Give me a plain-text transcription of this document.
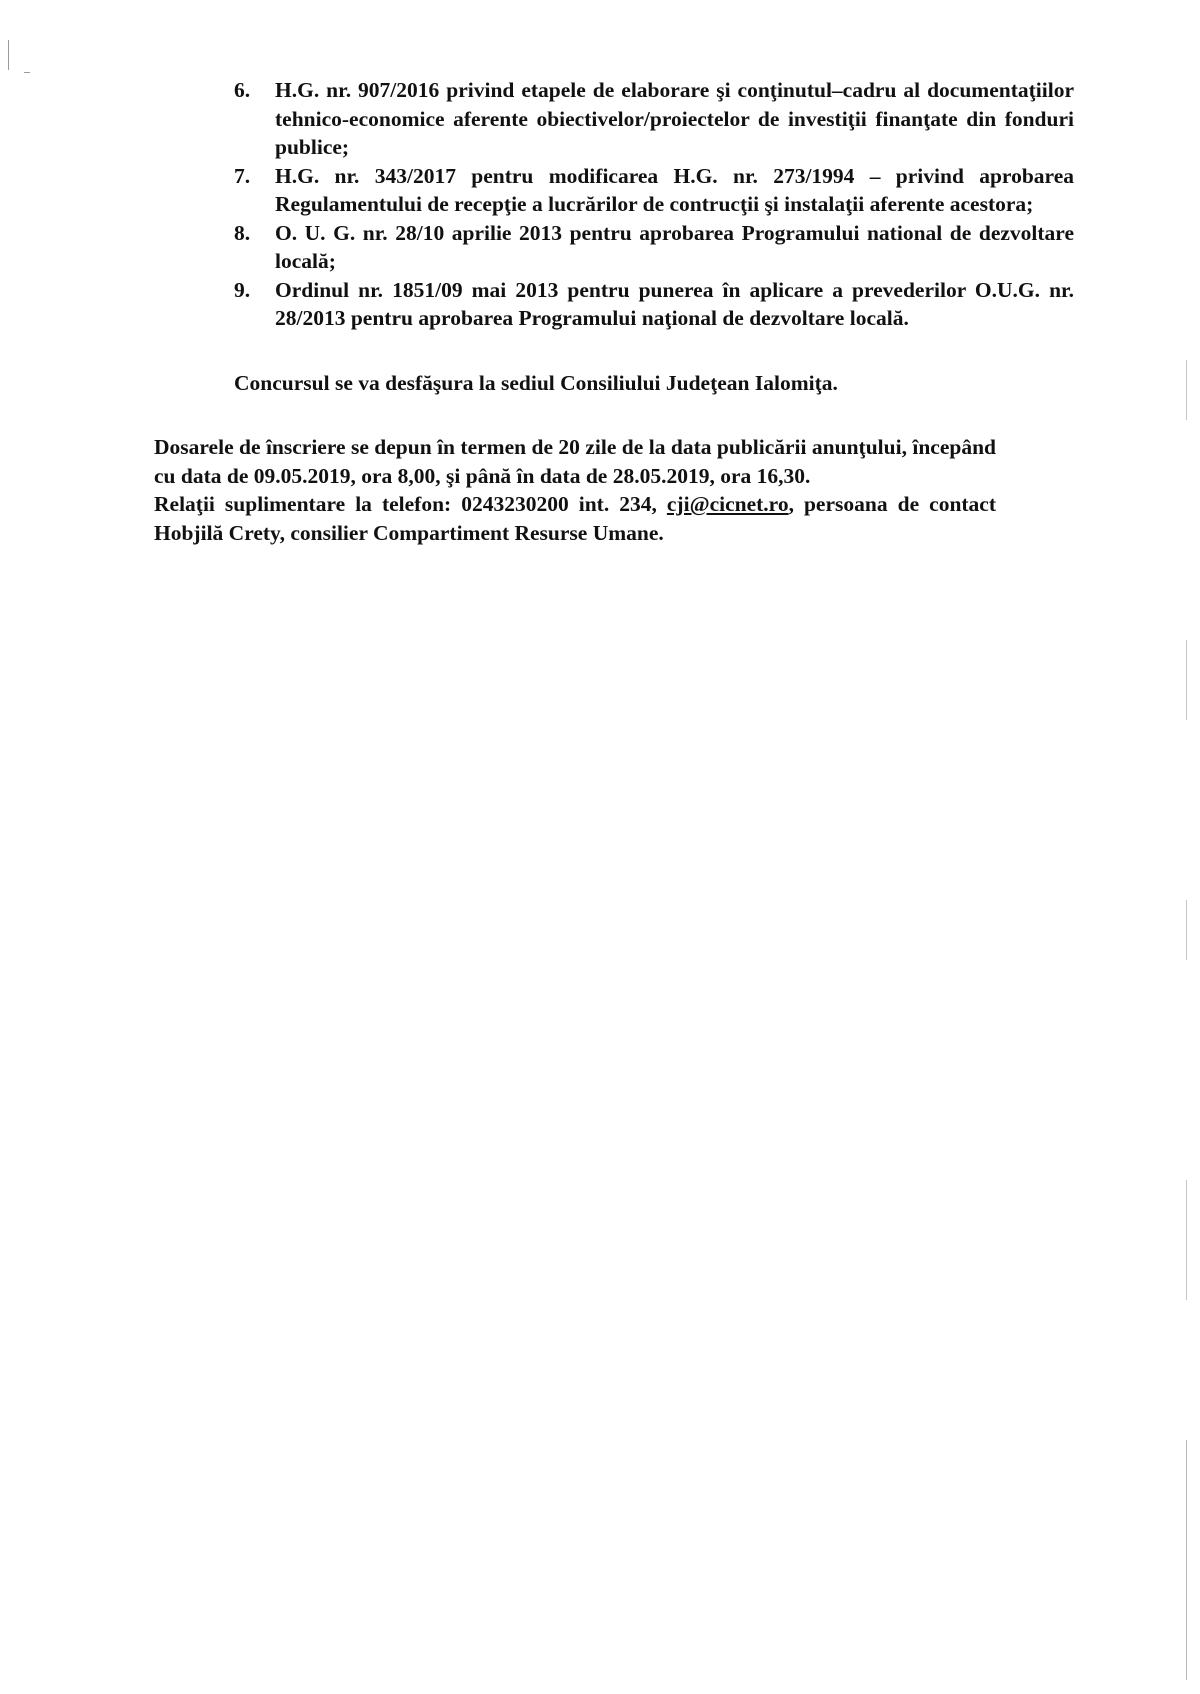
6.	H.G. nr. 907/2016 privind etapele de elaborare şi conţinutul–cadru al documentaţiilor tehnico-economice aferente obiectivelor/proiectelor de investiţii finanţate din fonduri publice;
7.	H.G. nr. 343/2017 pentru modificarea H.G. nr. 273/1994 – privind aprobarea Regulamentului de recepţie a lucrărilor de contrucţii şi instalaţii aferente acestora;
8.	O. U. G. nr. 28/10 aprilie 2013 pentru aprobarea Programului national de dezvoltare locală;
9.	Ordinul nr. 1851/09 mai 2013 pentru punerea în aplicare a prevederilor O.U.G. nr. 28/2013 pentru aprobarea Programului naţional de dezvoltare locală.

Concursul se va desfăşura la sediul Consiliului Judeţean Ialomiţa.

Dosarele de înscriere se depun în termen de 20 zile de la data publicării anunţului, începând cu data de 09.05.2019, ora 8,00, şi până în data de 28.05.2019, ora 16,30.

Relaţii suplimentare la telefon: 0243230200 int. 234, cji@cicnet.ro, persoana de contact Hobjilă Crety, consilier Compartiment Resurse Umane.
